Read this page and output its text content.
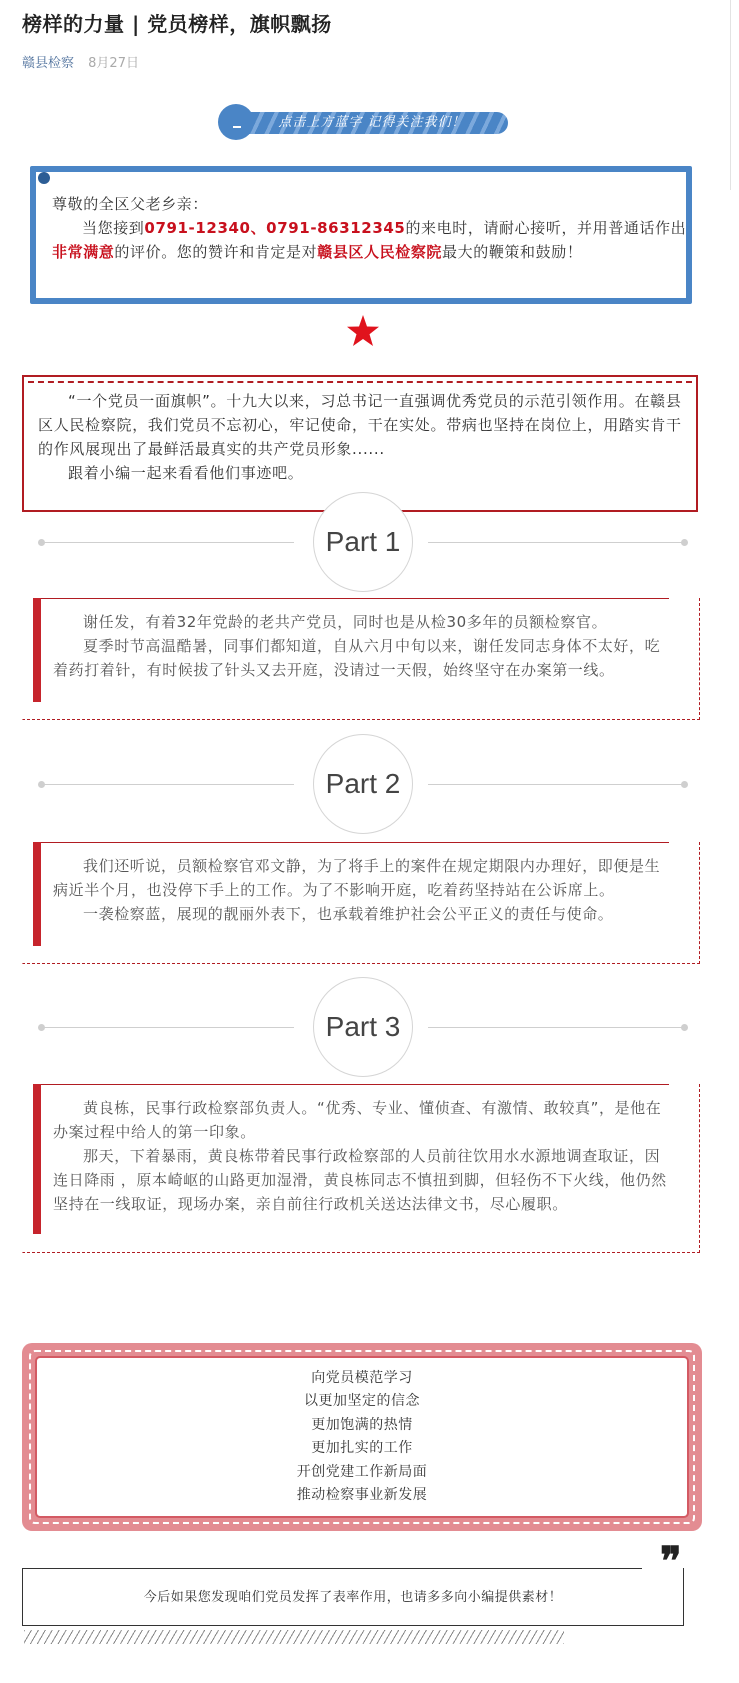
榜样的力量 | 党员榜样，旗帜飘扬
赣县检察 8月27日
点击上方蓝字 记得关注我们！
尊敬的全区父老乡亲：
当您接到0791-12340、0791-86312345的来电时，请耐心接听，并用普通话作出非常满意的评价。您的赞许和肯定是对赣县区人民检察院最大的鞭策和鼓励！
“一个党员一面旗帜”。十九大以来，习总书记一直强调优秀党员的示范引领作用。在赣县区人民检察院，我们党员不忘初心，牢记使命，干在实处。带病也坚持在岗位上，用踏实肯干的作风展现出了最鲜活最真实的共产党员形象......
跟着小编一起来看看他们事迹吧。
Part 1
谢任发，有着32年党龄的老共产党员，同时也是从检30多年的员额检察官。
夏季时节高温酷暑，同事们都知道，自从六月中旬以来，谢任发同志身体不太好，吃着药打着针，有时候拔了针头又去开庭，没请过一天假，始终坚守在办案第一线。
Part 2
我们还听说，员额检察官邓文静，为了将手上的案件在规定期限内办理好，即便是生病近半个月，也没停下手上的工作。为了不影响开庭，吃着药坚持站在公诉席上。
一袭检察蓝，展现的靓丽外表下，也承载着维护社会公平正义的责任与使命。
Part 3
黄良栋，民事行政检察部负责人。“优秀、专业、懂侦查、有激情、敢较真”，是他在办案过程中给人的第一印象。
那天，下着暴雨，黄良栋带着民事行政检察部的人员前往饮用水水源地调查取证，因连日降雨 ，原本崎岖的山路更加湿滑，黄良栋同志不慎扭到脚，但轻伤不下火线，他仍然坚持在一线取证，现场办案，亲自前往行政机关送达法律文书，尽心履职。
向党员模范学习
以更加坚定的信念
更加饱满的热情
更加扎实的工作
开创党建工作新局面
推动检察事业新发展
今后如果您发现咱们党员发挥了表率作用，也请多多向小编提供素材！
❞
